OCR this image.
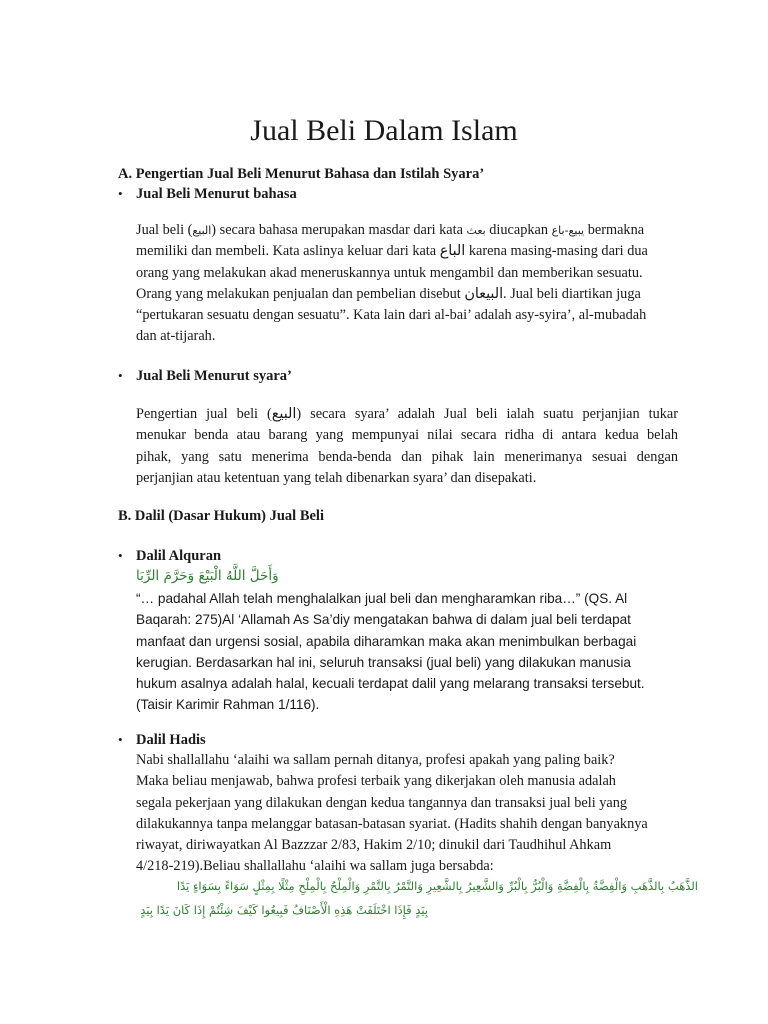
Jual Beli Dalam Islam
A. Pengertian Jual Beli Menurut Bahasa dan Istilah Syara’
• Jual Beli Menurut bahasa
Jual beli (البيع) secara bahasa merupakan masdar dari kata بعث diucapkan يبيع-باع bermakna
memiliki dan membeli. Kata aslinya keluar dari kata الباع karena masing-masing dari dua
orang yang melakukan akad meneruskannya untuk mengambil dan memberikan sesuatu.
Orang yang melakukan penjualan dan pembelian disebut البيعان. Jual beli diartikan juga
“pertukaran sesuatu dengan sesuatu”. Kata lain dari al-bai’ adalah asy-syira’, al-mubadah
dan at-tijarah.
• Jual Beli Menurut syara’
Pengertian jual beli (البيع) secara syara’ adalah Jual beli ialah suatu perjanjian tukar
menukar benda atau barang yang mempunyai nilai secara ridha di antara kedua belah
pihak, yang satu menerima benda-benda dan pihak lain menerimanya sesuai dengan
perjanjian atau ketentuan yang telah dibenarkan syara’ dan disepakati.
B. Dalil (Dasar Hukum) Jual Beli
• Dalil Alquran
وَأَحَلَّ اللَّهُ الْبَيْعَ وَحَرَّمَ الرِّبَا
“… padahal Allah telah menghalalkan jual beli dan mengharamkan riba…” (QS. Al
Baqarah: 275)Al ‘Allamah As Sa’diy mengatakan bahwa di dalam jual beli terdapat
manfaat dan urgensi sosial, apabila diharamkan maka akan menimbulkan berbagai
kerugian. Berdasarkan hal ini, seluruh transaksi (jual beli) yang dilakukan manusia
hukum asalnya adalah halal, kecuali terdapat dalil yang melarang transaksi tersebut.
(Taisir Karimir Rahman 1/116).
• Dalil Hadis
Nabi shallallahu ‘alaihi wa sallam pernah ditanya, profesi apakah yang paling baik?
Maka beliau menjawab, bahwa profesi terbaik yang dikerjakan oleh manusia adalah
segala pekerjaan yang dilakukan dengan kedua tangannya dan transaksi jual beli yang
dilakukannya tanpa melanggar batasan-batasan syariat. (Hadits shahih dengan banyaknya
riwayat, diriwayatkan Al Bazzzar 2/83, Hakim 2/10; dinukil dari Taudhihul Ahkam
4/218-219).Beliau shallallahu ‘alaihi wa sallam juga bersabda:
الذَّهَبُ بِالذَّهَبِ وَالْفِضَّةُ بِالْفِضَّةِ وَالْبُرُّ بِالْبُرِّ وَالشَّعِيرُ بِالشَّعِيرِ وَالتَّمْرُ بِالتَّمْرِ وَالْمِلْحُ بِالْمِلْحِ مِثْلًا بِمِثْلٍ سَوَاءً بِسَوَاءٍ يَدًا
بِيَدٍ فَإِذَا اخْتَلَفَتْ هَذِهِ الْأَصْنَافُ فَبِيعُوا كَيْفَ شِئْتُمْ إِذَا كَانَ يَدًا بِيَدٍ
